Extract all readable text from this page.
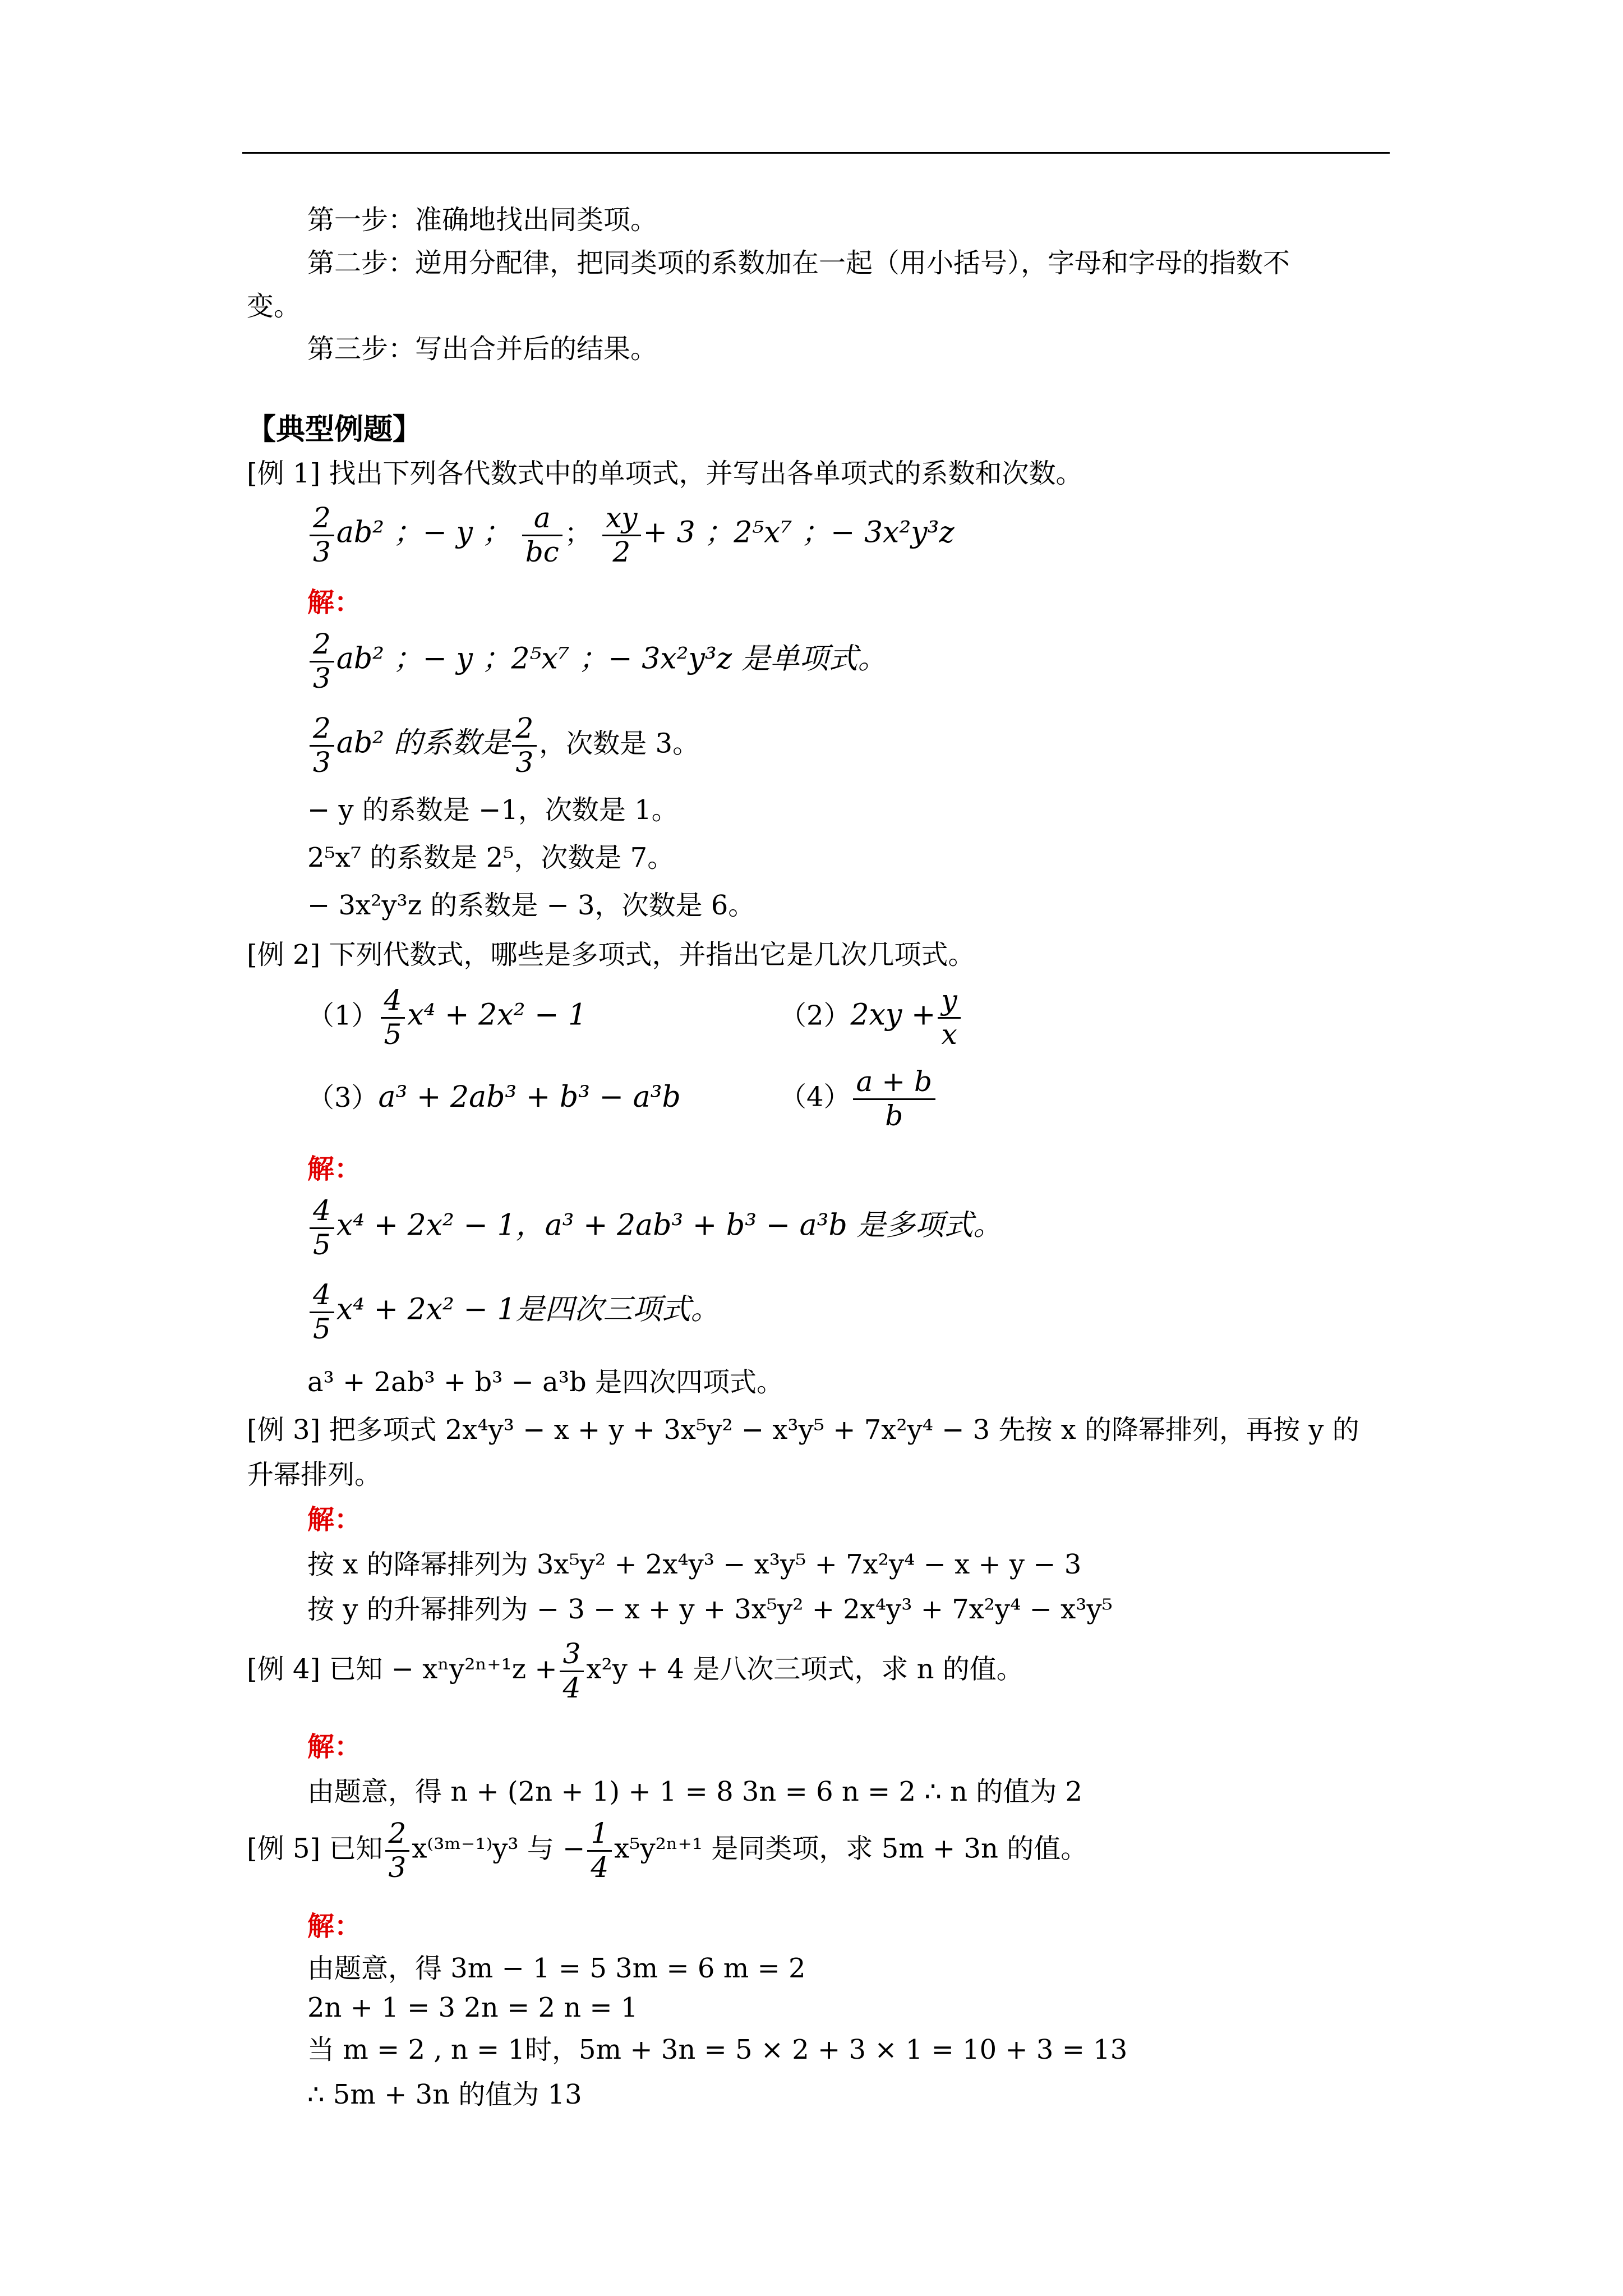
第一步：准确地找出同类项。
第二步：逆用分配律，把同类项的系数加在一起（用小括号），字母和字母的指数不
变。
第三步：写出合并后的结果。
【典型例题】
[例 1] 找出下列各代数式中的单项式，并写出各单项式的系数和次数。
$\frac{2}{3} ab^2$ ；− y ； $\frac{a}{bc}$ ； $\frac{xy}{2} + 3$ ；2⁵x⁷ ；− 3x²y³z
解：
$\frac{2}{3} ab^2$ ；− y ；2⁵x⁷ ；− 3x²y³z 是单项式。
$\frac{2}{3} ab^2$ 的系数是 $\frac{2}{3}$ ，次数是 3。
− y 的系数是 −1，次数是 1。
2⁵x⁷ 的系数是 2⁵，次数是 7。
− 3x²y³z 的系数是 − 3，次数是 6。
[例 2] 下列代数式，哪些是多项式，并指出它是几次几项式。
$(1) \frac{4}{5} x^4 + 2x^2 - 1$	$(2)2xy + \frac{y}{x}$
（3）a³ + 2ab³ + b³ − a³b	$(4) \frac{a + b}{b}$
解：
$\frac{4}{5} x^4 + 2x^2 - 1$，a³ + 2ab³ + b³ − a³b 是多项式。
$\frac{4}{5} x^4 + 2x^2 - 1$是四次三项式。
a³ + 2ab³ + b³ − a³b 是四次四项式。
[例 3] 把多项式 2x⁴y³ − x + y + 3x⁵y² − x³y⁵ + 7x²y⁴ − 3 先按 x 的降幂排列，再按 y 的
升幂排列。
解：
按 x 的降幂排列为 3x⁵y² + 2x⁴y³ − x³y⁵ + 7x²y⁴ − x + y − 3
按 y 的升幂排列为 − 3 − x + y + 3x⁵y² + 2x⁴y³ + 7x²y⁴ − x³y⁵
[例 4] 已知 − $x^ny^{2n+1}z + \frac{3}{4} x^2y + 4$ 是八次三项式，求 n 的值。
解：
由题意，得 n + (2n + 1) + 1 = 8 3n = 6 n = 2 ∴ n 的值为 2
[例 5] 已知 $\frac{2}{3}$ x⁽³ᵐ⁻¹⁾y³ 与 − $\frac{1}{4} x^5y^{2n+1}$ 是同类项，求 5m + 3n 的值。
解：
由题意，得 3m − 1 = 5 3m = 6 m = 2
2n + 1 = 3 2n = 2 n = 1
当 m = 2 , n = 1时，5m + 3n = 5 × 2 + 3 × 1 = 10 + 3 = 13
∴ 5m + 3n 的值为 13
